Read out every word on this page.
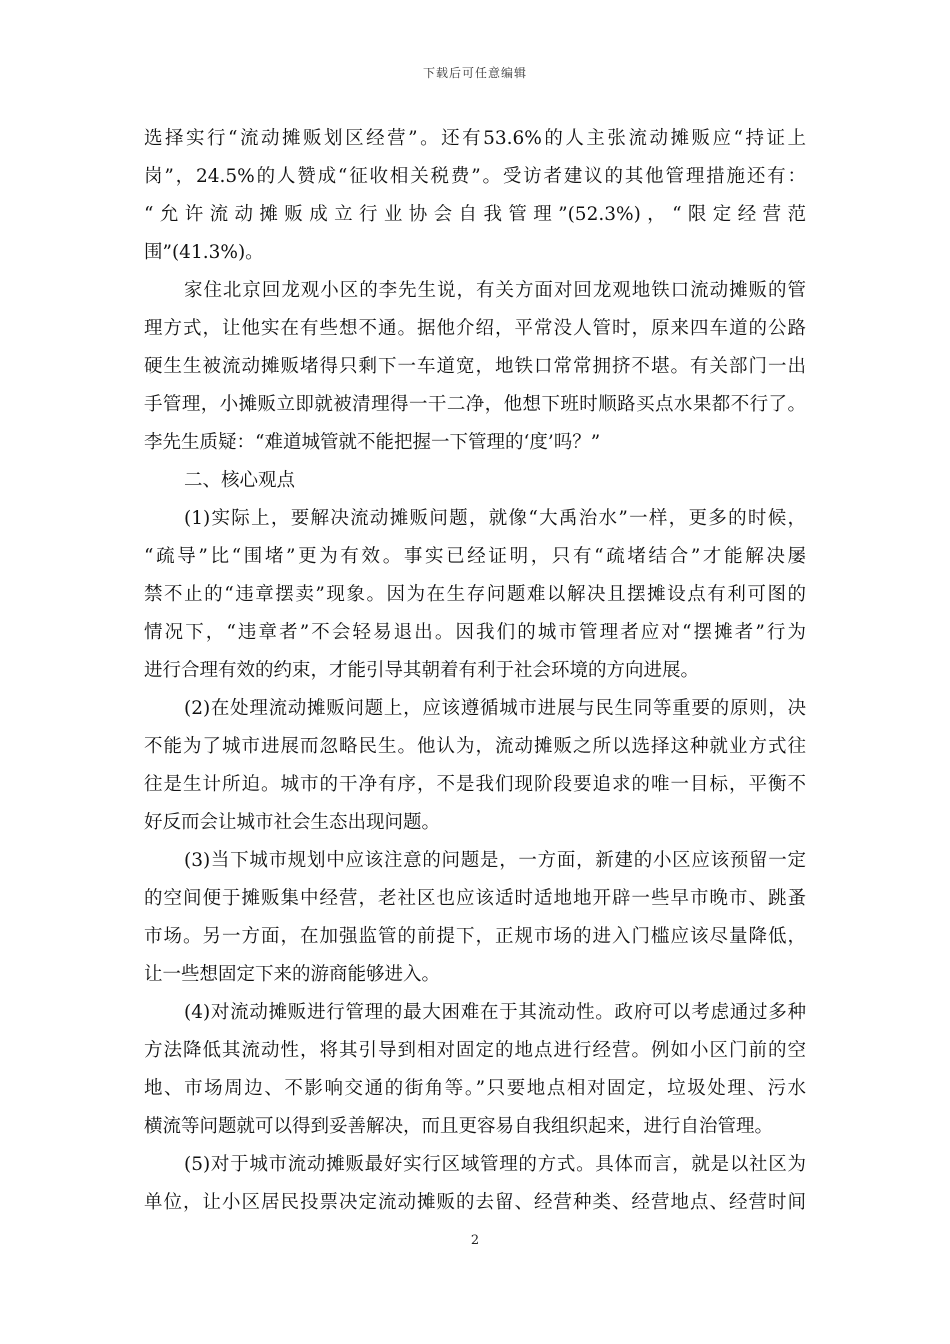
下载后可任意编辑
选择实行“流动摊贩划区经营”。还有53.6%的人主张流动摊贩应“持证上
岗”，24.5%的人赞成“征收相关税费”。受访者建议的其他管理措施还有：
“允许流动摊贩成立行业协会自我管理”(52.3%)，“限定经营范
围”(41.3%)。
家住北京回龙观小区的李先生说，有关方面对回龙观地铁口流动摊贩的管
理方式，让他实在有些想不通。据他介绍，平常没人管时，原来四车道的公路
硬生生被流动摊贩堵得只剩下一车道宽，地铁口常常拥挤不堪。有关部门一出
手管理，小摊贩立即就被清理得一干二净，他想下班时顺路买点水果都不行了。
李先生质疑：“难道城管就不能把握一下管理的‘度’吗？”
二、核心观点
(1)实际上，要解决流动摊贩问题，就像“大禹治水”一样，更多的时候，
“疏导”比“围堵”更为有效。事实已经证明，只有“疏堵结合”才能解决屡
禁不止的“违章摆卖”现象。因为在生存问题难以解决且摆摊设点有利可图的
情况下，“违章者”不会轻易退出。因我们的城市管理者应对“摆摊者”行为
进行合理有效的约束，才能引导其朝着有利于社会环境的方向进展。
(2)在处理流动摊贩问题上，应该遵循城市进展与民生同等重要的原则，决
不能为了城市进展而忽略民生。他认为，流动摊贩之所以选择这种就业方式往
往是生计所迫。城市的干净有序，不是我们现阶段要追求的唯一目标，平衡不
好反而会让城市社会生态出现问题。
(3)当下城市规划中应该注意的问题是，一方面，新建的小区应该预留一定
的空间便于摊贩集中经营，老社区也应该适时适地地开辟一些早市晚市、跳蚤
市场。另一方面，在加强监管的前提下，正规市场的进入门槛应该尽量降低，
让一些想固定下来的游商能够进入。
(4)对流动摊贩进行管理的最大困难在于其流动性。政府可以考虑通过多种
方法降低其流动性，将其引导到相对固定的地点进行经营。例如小区门前的空
地、市场周边、不影响交通的街角等。”只要地点相对固定，垃圾处理、污水
横流等问题就可以得到妥善解决，而且更容易自我组织起来，进行自治管理。
(5)对于城市流动摊贩最好实行区域管理的方式。具体而言，就是以社区为
单位，让小区居民投票决定流动摊贩的去留、经营种类、经营地点、经营时间
2
